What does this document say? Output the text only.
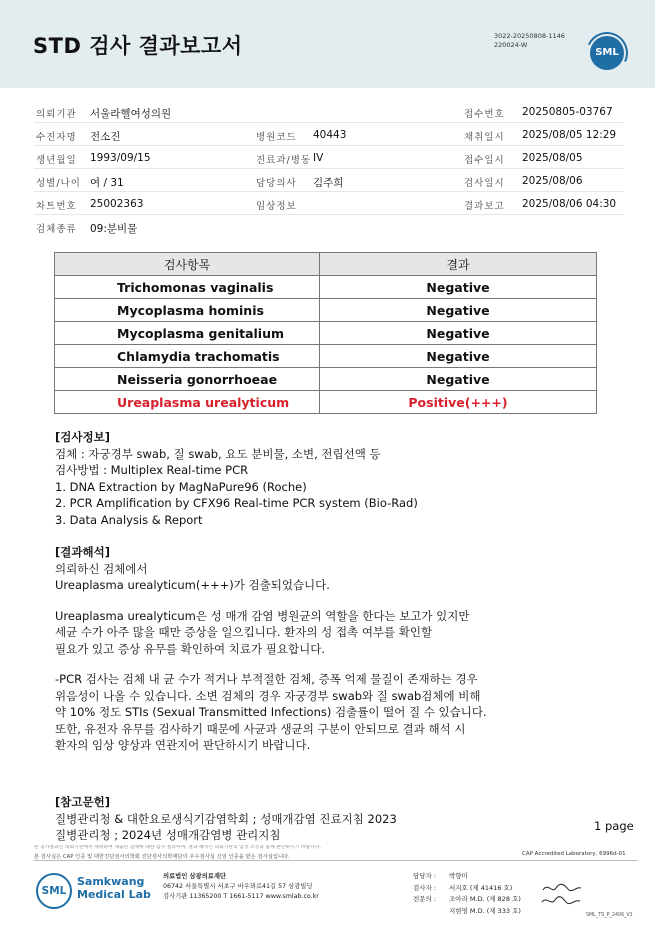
STD 검사 결과보고서	3022-20250808-1146
220024-W
SML
의뢰기관 서울라헬여성의원	접수번호 20250805-03767
수진자명 전소진	병원코드 40443	채취일시 2025/08/05 12:29
생년월일 1993/09/15	진료과/병동 IV	접수일시 2025/08/05
성별/나이 여 / 31	담당의사 김주희	검사일시 2025/08/06
차트번호 25002363	임상정보	결과보고 2025/08/06 04:30
검체종류 09:분비물
검사항목	결과
Trichomonas vaginalis	Negative
Mycoplasma hominis	Negative
Mycoplasma genitalium	Negative
Chlamydia trachomatis	Negative
Neisseria gonorrhoeae	Negative
Ureaplasma urealyticum	Positive(+++)
[검사정보]
검체 : 자궁경부 swab, 질 swab, 요도 분비물, 소변, 전립선액 등
검사방법 : Multiplex Real-time PCR
1. DNA Extraction by MagNaPure96 (Roche)
2. PCR Amplification by CFX96 Real-time PCR system (Bio-Rad)
3. Data Analysis & Report
[결과해석]
의뢰하신 검체에서
Ureaplasma urealyticum(+++)가 검출되었습니다.
Ureaplasma urealyticum은 성 매개 감염 병원균의 역할을 한다는 보고가 있지만
세균 수가 아주 많을 때만 증상을 일으킵니다. 환자의 성 접촉 여부를 확인할
필요가 있고 증상 유무를 확인하여 치료가 필요합니다.
-PCR 검사는 검체 내 균 수가 적거나 부적절한 검체, 증폭 억제 물질이 존재하는 경우
위음성이 나올 수 있습니다. 소변 검체의 경우 자궁경부 swab와 질 swab검체에 비해
약 10% 정도 STIs (Sexual Transmitted Infections) 검출률이 떨어 질 수 있습니다.
또한, 유전자 유무를 검사하기 때문에 사균과 생균의 구분이 안되므로 결과 해석 시
환자의 임상 양상과 연관지어 판단하시기 바랍니다.
[참고문헌]
질병관리청 & 대한요로생식기감염학회 ; 성매개감염 진료지침 2023
질병관리청 ; 2024년 성매개감염병 관리지침
1 page
본 검사결과는 의뢰기관에서 채취하여 제출된 검체에 대한 검사 결과이며, 결과 해석은 의뢰기관의 임상 소견과 함께 판단하시기 바랍니다.
본 검사실은 CAP 인증 및 대한진단검사의학회 진단검사의학재단의 우수검사실 신임 인증을 받은 검사실입니다.	CAP Accredited Laboratory, 6996d-01
SML
Samkwang
Medical Lab
의료법인 삼광의료재단
06742 서울특별시 서초구 바우뫼로41길 57 삼광빌딩
검사기관 11365200 T 1661-5117 www.smlab.co.kr
담당자 : 박향미
검사자 : 서지호 (제 41416 호)
전문의 : 조아라 M.D. (제 828 호)
지현영 M.D. (제 333 호)
SML_TS_P_2406_V1
